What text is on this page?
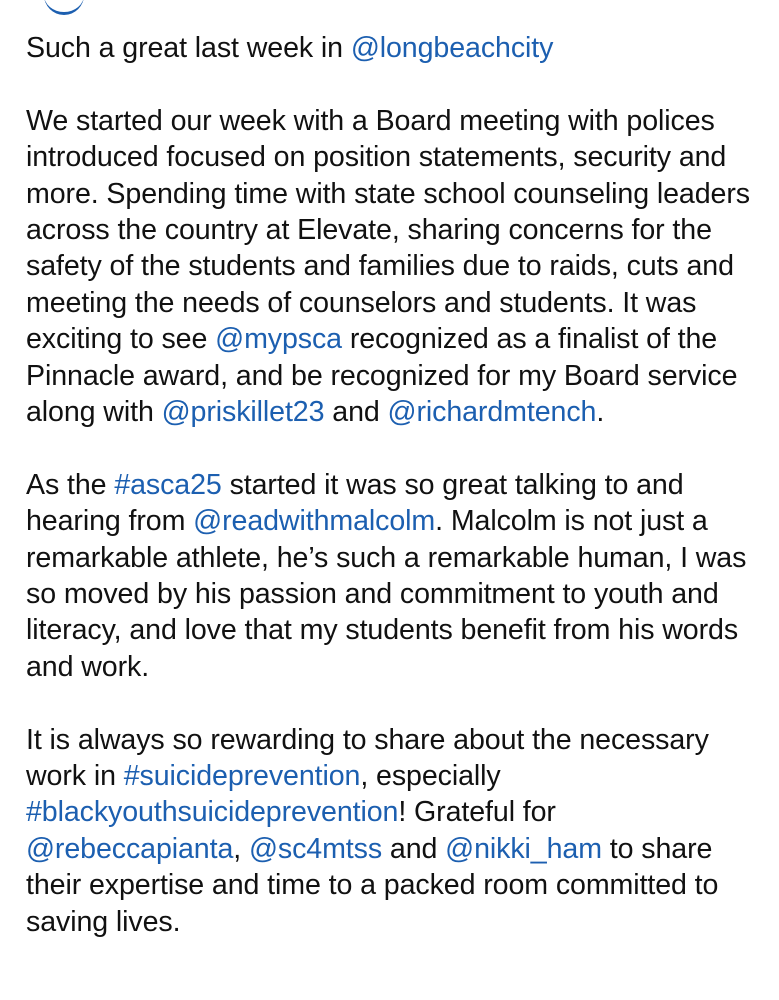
Such a great last week in @longbeachcity

We started our week with a Board meeting with polices introduced focused on position statements, security and more. Spending time with state school counseling leaders across the country at Elevate, sharing concerns for the safety of the students and families due to raids, cuts and meeting the needs of counselors and students. It was exciting to see @mypsca recognized as a finalist of the Pinnacle award, and be recognized for my Board service along with @priskillet23 and @richardmtench.

As the #asca25 started it was so great talking to and hearing from @readwithmalcolm. Malcolm is not just a remarkable athlete, he’s such a remarkable human, I was so moved by his passion and commitment to youth and literacy, and love that my students benefit from his words and work.

It is always so rewarding to share about the necessary work in #suicideprevention, especially #blackyouthsuicideprevention! Grateful for @rebeccapianta, @sc4mtss and @nikki_ham to share their expertise and time to a packed room committed to saving lives.
